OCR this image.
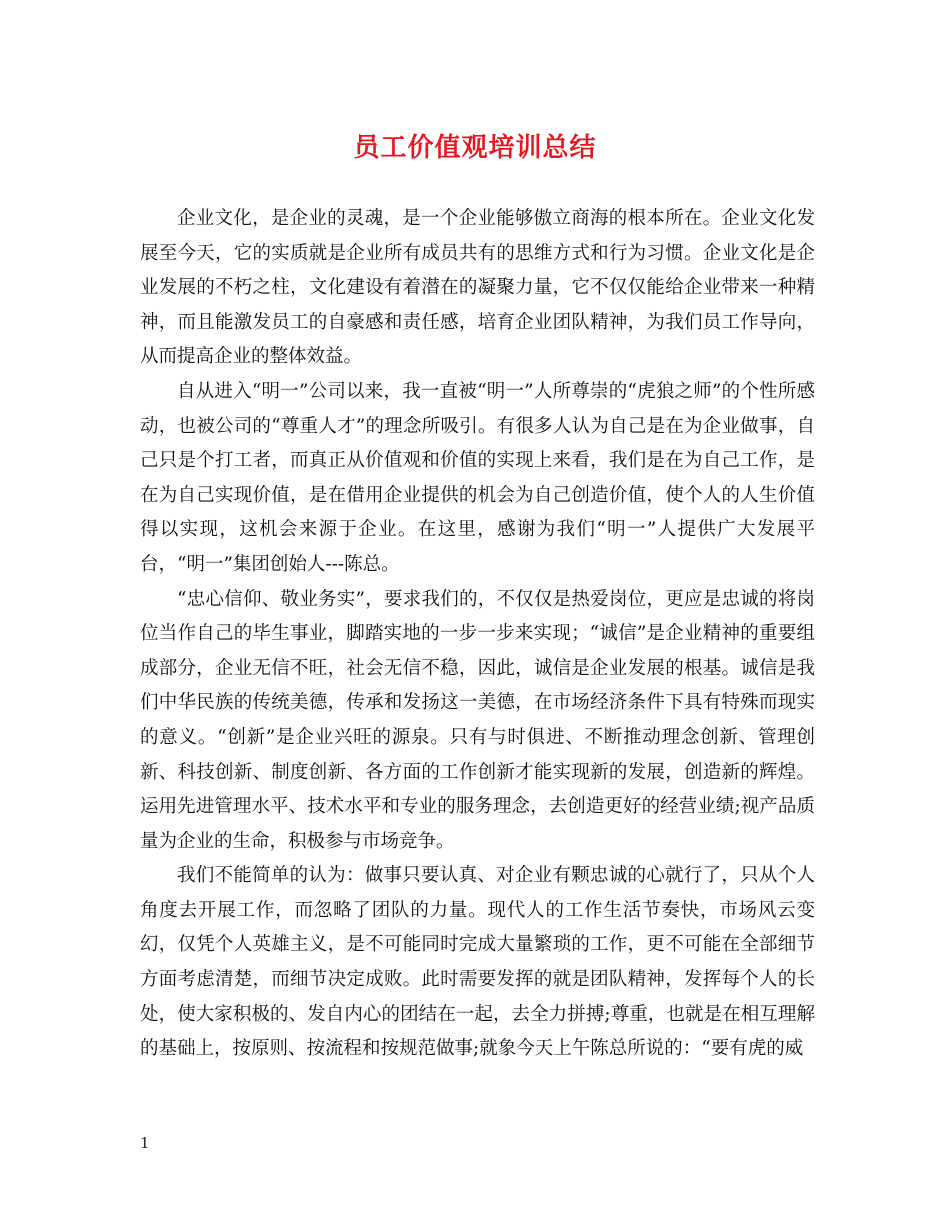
员工价值观培训总结

企业文化，是企业的灵魂，是一个企业能够傲立商海的根本所在。企业文化发展至今天，它的实质就是企业所有成员共有的思维方式和行为习惯。企业文化是企业发展的不朽之柱，文化建设有着潜在的凝聚力量，它不仅仅能给企业带来一种精神，而且能激发员工的自豪感和责任感，培育企业团队精神，为我们员工作导向，从而提高企业的整体效益。

自从进入“明一”公司以来，我一直被“明一”人所尊崇的“虎狼之师”的个性所感动，也被公司的“尊重人才”的理念所吸引。有很多人认为自己是在为企业做事，自己只是个打工者，而真正从价值观和价值的实现上来看，我们是在为自己工作，是在为自己实现价值，是在借用企业提供的机会为自己创造价值，使个人的人生价值得以实现，这机会来源于企业。在这里，感谢为我们“明一”人提供广大发展平台，“明一”集团创始人---陈总。

“忠心信仰、敬业务实”，要求我们的，不仅仅是热爱岗位，更应是忠诚的将岗位当作自己的毕生事业，脚踏实地的一步一步来实现；“诚信”是企业精神的重要组成部分，企业无信不旺，社会无信不稳，因此，诚信是企业发展的根基。诚信是我们中华民族的传统美德，传承和发扬这一美德，在市场经济条件下具有特殊而现实的意义。“创新”是企业兴旺的源泉。只有与时俱进、不断推动理念创新、管理创新、科技创新、制度创新、各方面的工作创新才能实现新的发展，创造新的辉煌。运用先进管理水平、技术水平和专业的服务理念，去创造更好的经营业绩;视产品质量为企业的生命，积极参与市场竞争。

我们不能简单的认为：做事只要认真、对企业有颗忠诚的心就行了，只从个人角度去开展工作，而忽略了团队的力量。现代人的工作生活节奏快，市场风云变幻，仅凭个人英雄主义，是不可能同时完成大量繁琐的工作，更不可能在全部细节方面考虑清楚，而细节决定成败。此时需要发挥的就是团队精神，发挥每个人的长处，使大家积极的、发自内心的团结在一起，去全力拼搏;尊重，也就是在相互理解的基础上，按原则、按流程和按规范做事;就象今天上午陈总所说的：“要有虎的威

1
